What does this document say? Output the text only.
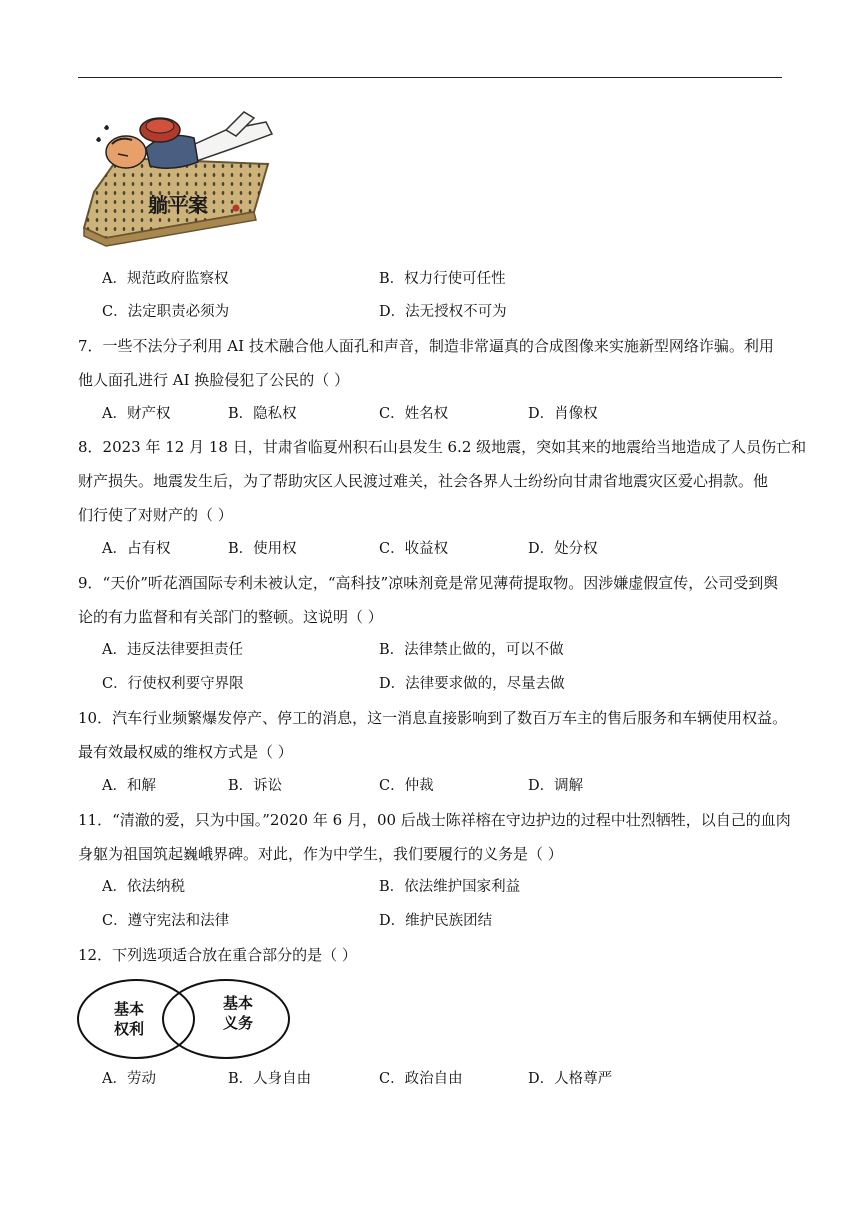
躺平案
A．规范政府监察权	B．权力行使可任性
C．法定职责必须为	D．法无授权不可为
7．一些不法分子利用 AI 技术融合他人面孔和声音，制造非常逼真的合成图像来实施新型网络诈骗。利用
他人面孔进行 AI 换脸侵犯了公民的（ ）
A．财产权	B．隐私权	C．姓名权	D．肖像权
8．2023 年 12 月 18 日，甘肃省临夏州积石山县发生 6.2 级地震，突如其来的地震给当地造成了人员伤亡和
财产损失。地震发生后，为了帮助灾区人民渡过难关，社会各界人士纷纷向甘肃省地震灾区爱心捐款。他
们行使了对财产的（ ）
A．占有权	B．使用权	C．收益权	D．处分权
9．“天价”听花酒国际专利未被认定，“高科技”凉味剂竟是常见薄荷提取物。因涉嫌虚假宣传，公司受到舆
论的有力监督和有关部门的整顿。这说明（ ）
A．违反法律要担责任	B．法律禁止做的，可以不做
C．行使权利要守界限	D．法律要求做的，尽量去做
10．汽车行业频繁爆发停产、停工的消息，这一消息直接影响到了数百万车主的售后服务和车辆使用权益。
最有效最权威的维权方式是（ ）
A．和解	B．诉讼	C．仲裁	D．调解
11．“清澈的爱，只为中国。”2020 年 6 月，00 后战士陈祥榕在守边护边的过程中壮烈牺牲，以自己的血肉
身躯为祖国筑起巍峨界碑。对此，作为中学生，我们要履行的义务是（ ）
A．依法纳税	B．依法维护国家利益
C．遵守宪法和法律	D．维护民族团结
12．下列选项适合放在重合部分的是（ ）
基本
权利
基本
义务
A．劳动	B．人身自由	C．政治自由	D．人格尊严
